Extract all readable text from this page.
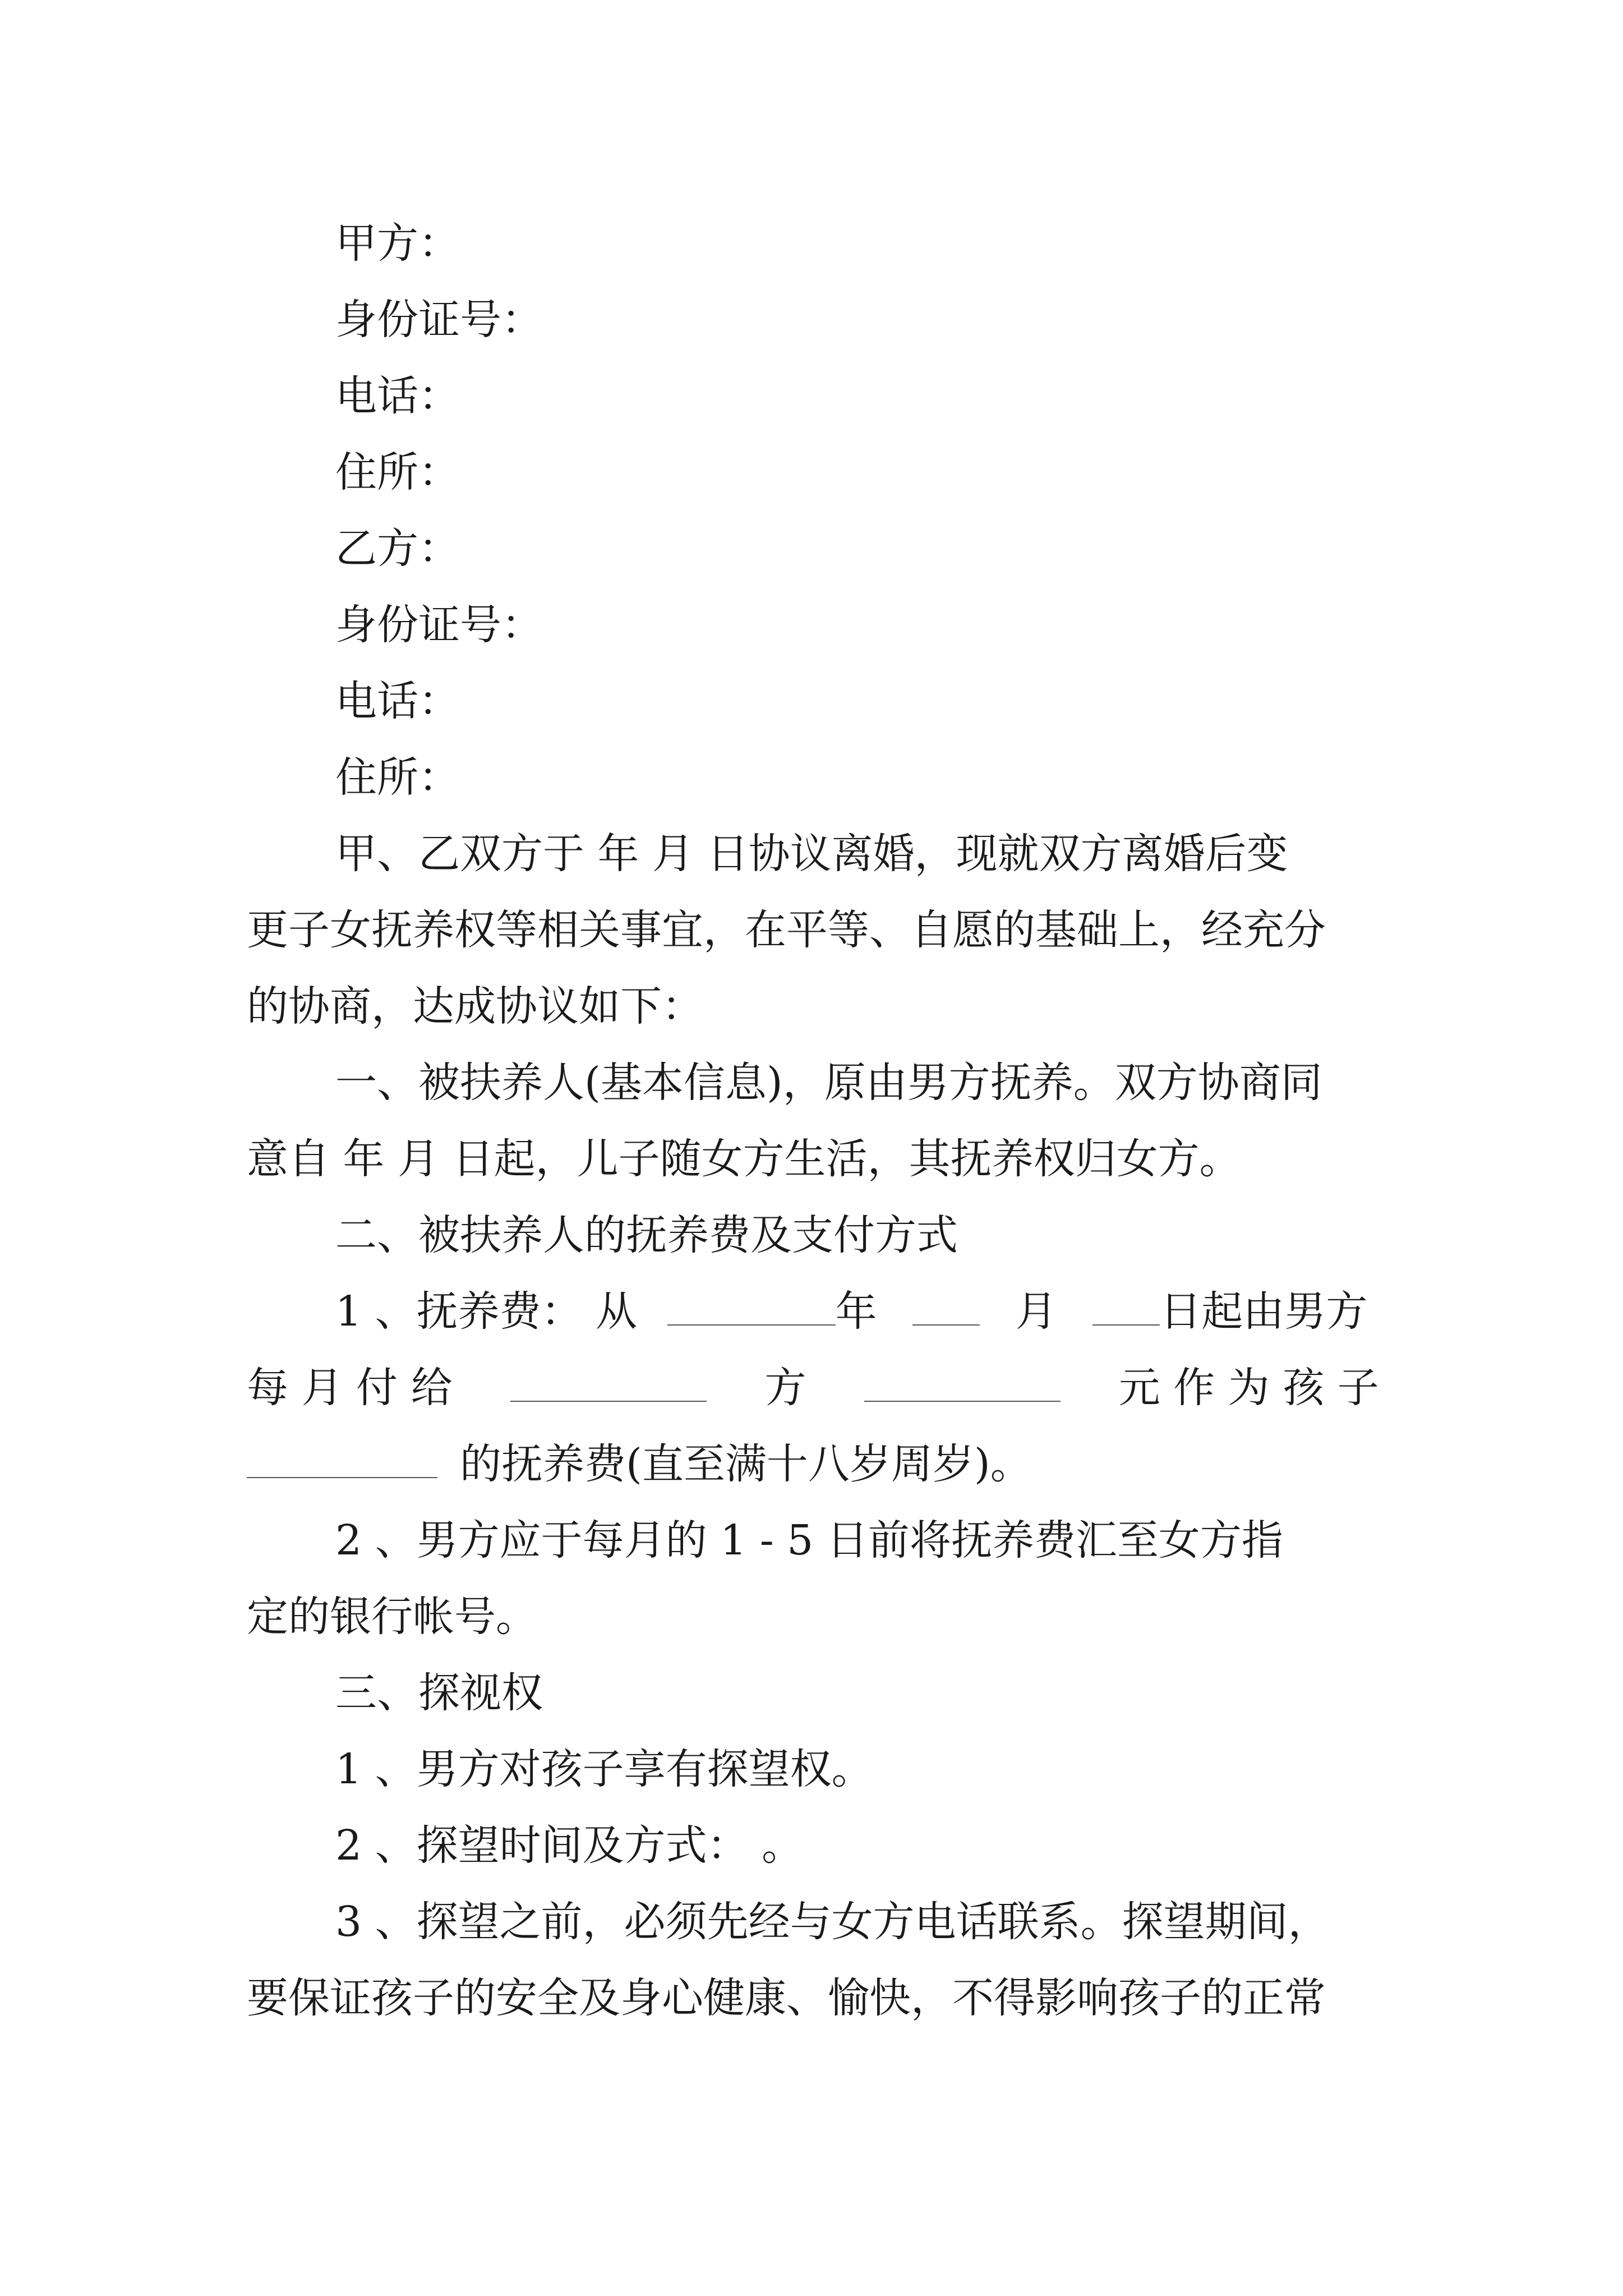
甲方：
身份证号：
电话：
住所：
乙方：
身份证号：
电话：
住所：
甲、乙双方于 年 月 日协议离婚，现就双方离婚后变
更子女抚养权等相关事宜，在平等、自愿的基础上，经充分
的协商，达成协议如下：
一、被扶养人(基本信息)，原由男方抚养。双方协商同
意自 年 月 日起，儿子随女方生活，其抚养权归女方。
二、被扶养人的抚养费及支付方式
1 、抚养费： 从	年	月 日起由男方
每 月 付 给	方	元 作 为 孩 子
的抚养费(直至满十八岁周岁)。
2 、男方应于每月的 1 - 5 日前将抚养费汇至女方指
定的银行帐号。
三、探视权
1 、男方对孩子享有探望权。
2 、探望时间及方式： 。
3 、探望之前，必须先经与女方电话联系。探望期间，
要保证孩子的安全及身心健康、愉快，不得影响孩子的正常
